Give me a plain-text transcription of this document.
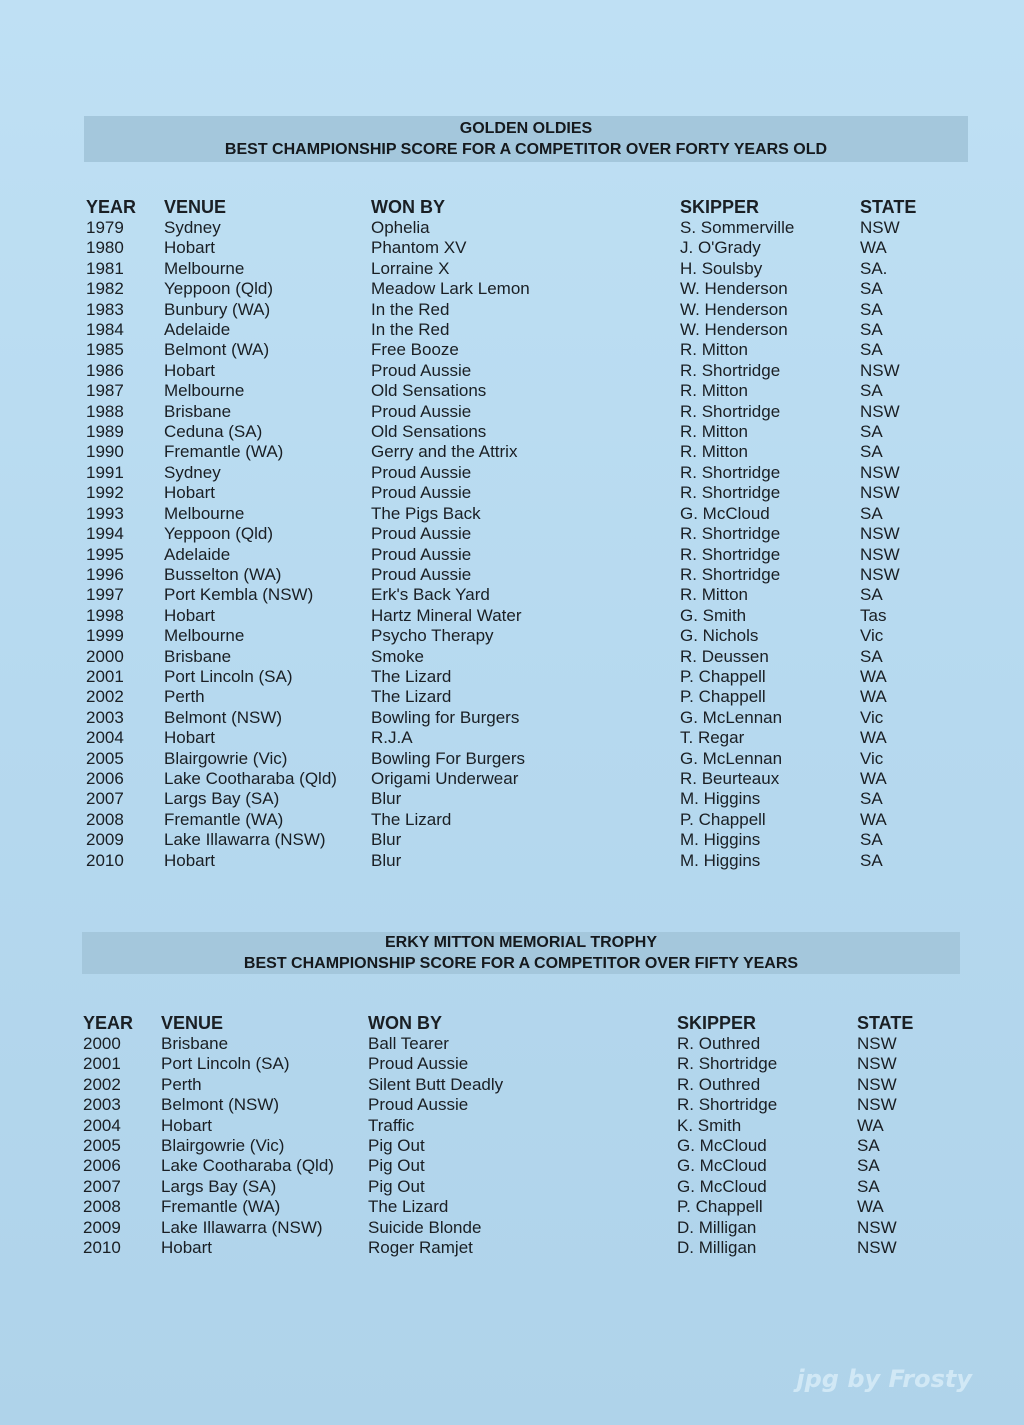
GOLDEN OLDIES
BEST CHAMPIONSHIP SCORE FOR A COMPETITOR OVER FORTY YEARS OLD
YEAR	VENUE	WON BY	SKIPPER	STATE
1979	Sydney	Ophelia	S. Sommerville	NSW
1980	Hobart	Phantom XV	J. O'Grady	WA
1981	Melbourne	Lorraine X	H. Soulsby	SA.
1982	Yeppoon (Qld)	Meadow Lark Lemon	W. Henderson	SA
1983	Bunbury (WA)	In the Red	W. Henderson	SA
1984	Adelaide	In the Red	W. Henderson	SA
1985	Belmont (WA)	Free Booze	R. Mitton	SA
1986	Hobart	Proud Aussie	R. Shortridge	NSW
1987	Melbourne	Old Sensations	R. Mitton	SA
1988	Brisbane	Proud Aussie	R. Shortridge	NSW
1989	Ceduna (SA)	Old Sensations	R. Mitton	SA
1990	Fremantle (WA)	Gerry and the Attrix	R. Mitton	SA
1991	Sydney	Proud Aussie	R. Shortridge	NSW
1992	Hobart	Proud Aussie	R. Shortridge	NSW
1993	Melbourne	The Pigs Back	G. McCloud	SA
1994	Yeppoon (Qld)	Proud Aussie	R. Shortridge	NSW
1995	Adelaide	Proud Aussie	R. Shortridge	NSW
1996	Busselton (WA)	Proud Aussie	R. Shortridge	NSW
1997	Port Kembla (NSW)	Erk's Back Yard	R. Mitton	SA
1998	Hobart	Hartz Mineral Water	G. Smith	Tas
1999	Melbourne	Psycho Therapy	G. Nichols	Vic
2000	Brisbane	Smoke	R. Deussen	SA
2001	Port Lincoln (SA)	The Lizard	P. Chappell	WA
2002	Perth	The Lizard	P. Chappell	WA
2003	Belmont (NSW)	Bowling for Burgers	G. McLennan	Vic
2004	Hobart	R.J.A	T. Regar	WA
2005	Blairgowrie (Vic)	Bowling For Burgers	G. McLennan	Vic
2006	Lake Cootharaba (Qld)	Origami Underwear	R. Beurteaux	WA
2007	Largs Bay (SA)	Blur	M. Higgins	SA
2008	Fremantle (WA)	The Lizard	P. Chappell	WA
2009	Lake Illawarra (NSW)	Blur	M. Higgins	SA
2010	Hobart	Blur	M. Higgins	SA
ERKY MITTON MEMORIAL TROPHY
BEST CHAMPIONSHIP SCORE FOR A COMPETITOR OVER FIFTY YEARS
YEAR	VENUE	WON BY	SKIPPER	STATE
2000	Brisbane	Ball Tearer	R. Outhred	NSW
2001	Port Lincoln (SA)	Proud Aussie	R. Shortridge	NSW
2002	Perth	Silent Butt Deadly	R. Outhred	NSW
2003	Belmont (NSW)	Proud Aussie	R. Shortridge	NSW
2004	Hobart	Traffic	K. Smith	WA
2005	Blairgowrie (Vic)	Pig Out	G. McCloud	SA
2006	Lake Cootharaba (Qld)	Pig Out	G. McCloud	SA
2007	Largs Bay (SA)	Pig Out	G. McCloud	SA
2008	Fremantle (WA)	The Lizard	P. Chappell	WA
2009	Lake Illawarra (NSW)	Suicide Blonde	D. Milligan	NSW
2010	Hobart	Roger Ramjet	D. Milligan	NSW
jpg by Frosty
